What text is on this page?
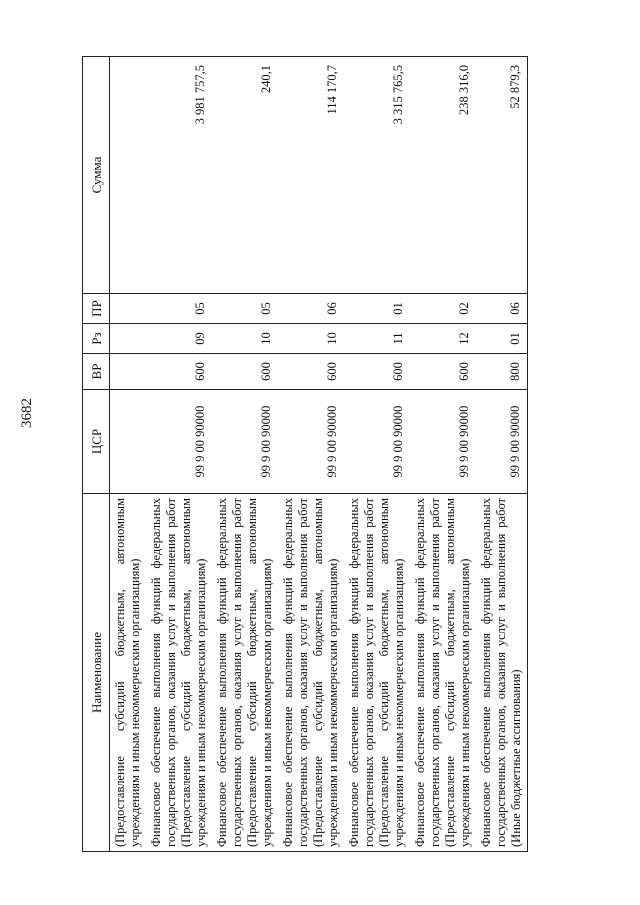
3682
Наименование	ЦСР	ВР	Рз	ПР	Сумма
(Предоставление субсидий бюджетным, автономным учреждениям и иным некоммерческим организациям)					
Финансовое обеспечение выполнения функций федеральных государственных органов, оказания услуг и выполнения работ (Предоставление субсидий бюджетным, автономным учреждениям и иным некоммерческим организациям)	99 9 00 90000	600	09	05	3 981 757,5
Финансовое обеспечение выполнения функций федеральных государственных органов, оказания услуг и выполнения работ (Предоставление субсидий бюджетным, автономным учреждениям и иным некоммерческим организациям)	99 9 00 90000	600	10	05	240,1
Финансовое обеспечение выполнения функций федеральных государственных органов, оказания услуг и выполнения работ (Предоставление субсидий бюджетным, автономным учреждениям и иным некоммерческим организациям)	99 9 00 90000	600	10	06	114 170,7
Финансовое обеспечение выполнения функций федеральных государственных органов, оказания услуг и выполнения работ (Предоставление субсидий бюджетным, автономным учреждениям и иным некоммерческим организациям)	99 9 00 90000	600	11	01	3 315 765,5
Финансовое обеспечение выполнения функций федеральных государственных органов, оказания услуг и выполнения работ (Предоставление субсидий бюджетным, автономным учреждениям и иным некоммерческим организациям)	99 9 00 90000	600	12	02	238 316,0
Финансовое обеспечение выполнения функций федеральных государственных органов, оказания услуг и выполнения работ (Иные бюджетные ассигнования)	99 9 00 90000	800	01	06	52 879,3
